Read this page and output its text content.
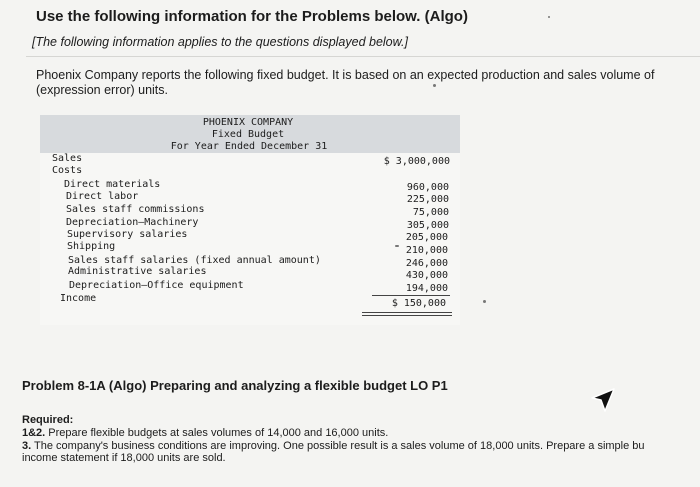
Use the following information for the Problems below. (Algo)
[The following information applies to the questions displayed below.]
Phoenix Company reports the following fixed budget. It is based on an expected production and sales volume of
(expression error) units.
PHOENIX COMPANY
Fixed Budget
For Year Ended December 31
Sales	$ 3,000,000
Costs
Direct materials
Direct labor
Sales staff commissions
Depreciation—Machinery
Supervisory salaries
Shipping
Sales staff salaries (fixed annual amount)
Administrative salaries
Depreciation—Office equipment
960,000
225,000
75,000
305,000
205,000
210,000
246,000
430,000
194,000
Income	$ 150,000
Problem 8-1A (Algo) Preparing and analyzing a flexible budget LO P1
Required:
1&2. Prepare flexible budgets at sales volumes of 14,000 and 16,000 units.
3. The company's business conditions are improving. One possible result is a sales volume of 18,000 units. Prepare a simple bu
income statement if 18,000 units are sold.
